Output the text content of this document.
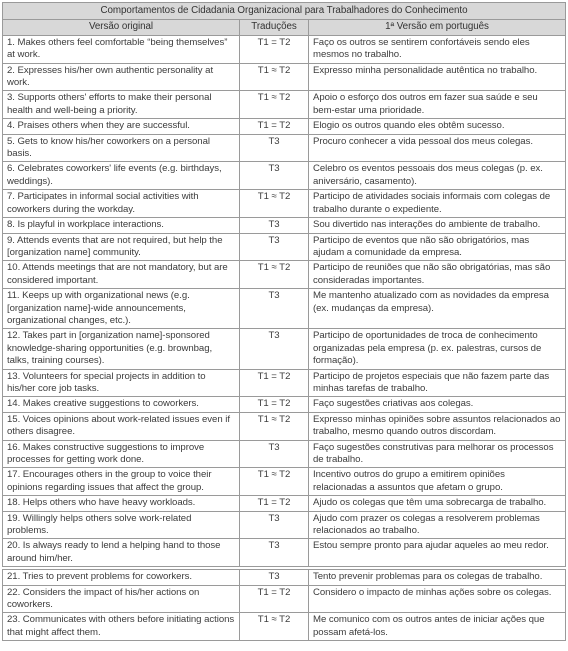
Comportamentos de Cidadania Organizacional para Trabalhadores do Conhecimento		
Versão original	Traduções	1ª Versão em português
1. Makes others feel comfortable “being themselves” at work.	T1 = T2	Faço os outros se sentirem confortáveis sendo eles mesmos no trabalho.
2. Expresses his/her own authentic personality at work.	T1 ≈ T2	Expresso minha personalidade autêntica no trabalho.
3. Supports others' efforts to make their personal health and well-being a priority.	T1 ≈ T2	Apoio o esforço dos outros em fazer sua saúde e seu bem-estar uma prioridade.
4. Praises others when they are successful.	T1 = T2	Elogio os outros quando eles obtêm sucesso.
5. Gets to know his/her coworkers on a personal basis.	T3	Procuro conhecer a vida pessoal dos meus colegas.
6. Celebrates coworkers' life events (e.g. birthdays, weddings).	T3	Celebro os eventos pessoais dos meus colegas (p. ex. aniversário, casamento).
7. Participates in informal social activities with coworkers during the workday.	T1 ≈ T2	Participo de atividades sociais informais com colegas de trabalho durante o expediente.
8. Is playful in workplace interactions.	T3	Sou divertido nas interações do ambiente de trabalho.
9. Attends events that are not required, but help the [organization name] community.	T3	Participo de eventos que não são obrigatórios, mas ajudam a comunidade da empresa.
10. Attends meetings that are not mandatory, but are considered important.	T1 ≈ T2	Participo de reuniões que não são obrigatórias, mas são consideradas importantes.
11. Keeps up with organizational news (e.g. [organization name]-wide announcements, organizational changes, etc.).	T3	Me mantenho atualizado com as novidades da empresa (ex. mudanças da empresa).
12. Takes part in [organization name]-sponsored knowledge-sharing opportunities (e.g. brownbag, talks, training courses).	T3	Participo de oportunidades de troca de conhecimento organizadas pela empresa (p. ex. palestras, cursos de formação).
13. Volunteers for special projects in addition to his/her core job tasks.	T1 = T2	Participo de projetos especiais que não fazem parte das minhas tarefas de trabalho.
14. Makes creative suggestions to coworkers.	T1 = T2	Faço sugestões criativas aos colegas.
15. Voices opinions about work-related issues even if others disagree.	T1 ≈ T2	Expresso minhas opiniões sobre assuntos relacionados ao trabalho, mesmo quando outros discordam.
16. Makes constructive suggestions to improve processes for getting work done.	T3	Faço sugestões construtivas para melhorar os processos de trabalho.
17. Encourages others in the group to voice their opinions regarding issues that affect the group.	T1 ≈ T2	Incentivo outros do grupo a emitirem opiniões relacionadas a assuntos que afetam o grupo.
18. Helps others who have heavy workloads.	T1 = T2	Ajudo os colegas que têm uma sobrecarga de trabalho.
19. Willingly helps others solve work-related problems.	T3	Ajudo com prazer os colegas a resolverem problemas relacionados ao trabalho.
20. Is always ready to lend a helping hand to those around him/her.	T3	Estou sempre pronto para ajudar aqueles ao meu redor.

21. Tries to prevent problems for coworkers.	T3	Tento prevenir problemas para os colegas de trabalho.
22. Considers the impact of his/her actions on coworkers.	T1 = T2	Considero o impacto de minhas ações sobre os colegas.
23. Communicates with others before initiating actions that might affect them.	T1 ≈ T2	Me comunico com os outros antes de iniciar ações que possam afetá-los.
